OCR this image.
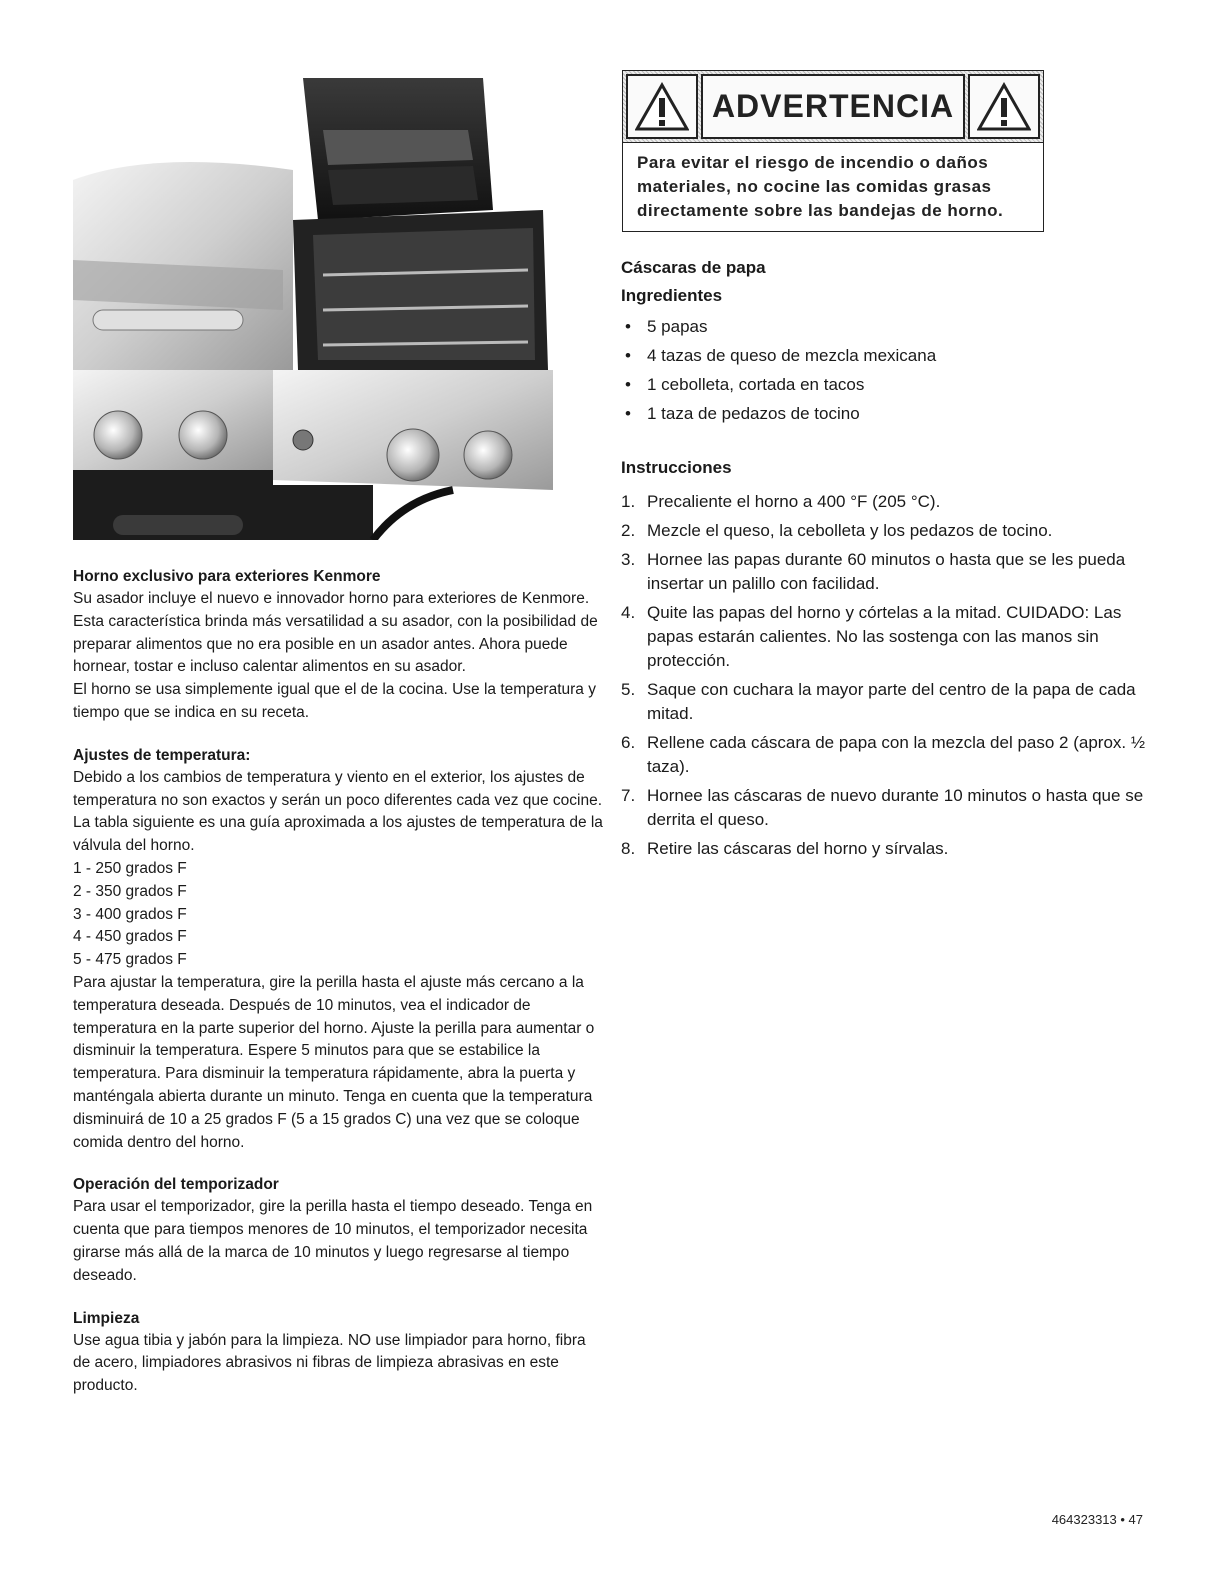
Horno exclusivo para exteriores Kenmore

Su asador incluye el nuevo e innovador horno para exteriores de Kenmore. Esta característica brinda más versatilidad a su asador, con la posibilidad de preparar alimentos que no era posible en un asador antes. Ahora puede hornear, tostar e incluso calentar alimentos en su asador.

El horno se usa simplemente igual que el de la cocina. Use la temperatura y tiempo que se indica en su receta.

Ajustes de temperatura:

Debido a los cambios de temperatura y viento en el exterior, los ajustes de temperatura no son exactos y serán un poco diferentes cada vez que cocine.

La tabla siguiente es una guía aproximada a los ajustes de temperatura de la válvula del horno.

1 - 250 grados F

2 - 350 grados F

3 - 400 grados F

4 - 450 grados F

5 - 475 grados F

Para ajustar la temperatura, gire la perilla hasta el ajuste más cercano a la temperatura deseada. Después de 10 minutos, vea el indicador de temperatura en la parte superior del horno. Ajuste la perilla para aumentar o disminuir la temperatura. Espere 5 minutos para que se estabilice la temperatura. Para disminuir la temperatura rápidamente, abra la puerta y manténgala abierta durante un minuto. Tenga en cuenta que la temperatura disminuirá de 10 a 25 grados F (5 a 15 grados C) una vez que se coloque comida dentro del horno.

Operación del temporizador

Para usar el temporizador, gire la perilla hasta el tiempo deseado. Tenga en cuenta que para tiempos menores de 10 minutos, el temporizador necesita girarse más allá de la marca de 10 minutos y luego regresarse al tiempo deseado.

Limpieza

Use agua tibia y jabón para la limpieza. NO use limpiador para horno, fibra de acero, limpiadores abrasivos ni fibras de limpieza abrasivas en este producto.

ADVERTENCIA
Para evitar el riesgo de incendio o daños materiales, no cocine las comidas grasas directamente sobre las bandejas de horno.

Cáscaras de papa

Ingredientes

• 5 papas
• 4 tazas de queso de mezcla mexicana
• 1 cebolleta, cortada en tacos
• 1 taza de pedazos de tocino

Instrucciones

1. Precaliente el horno a 400 °F (205 °C).
2. Mezcle el queso, la cebolleta y los pedazos de tocino.
3. Hornee las papas durante 60 minutos o hasta que se les pueda insertar un palillo con facilidad.
4. Quite las papas del horno y córtelas a la mitad. CUIDADO: Las papas estarán calientes. No las sostenga con las manos sin protección.
5. Saque con cuchara la mayor parte del centro de la papa de cada mitad.
6. Rellene cada cáscara de papa con la mezcla del paso 2 (aprox. ½ taza).
7. Hornee las cáscaras de nuevo durante 10 minutos o hasta que se derrita el queso.
8. Retire las cáscaras del horno y sírvalas.
464323313 • 47
